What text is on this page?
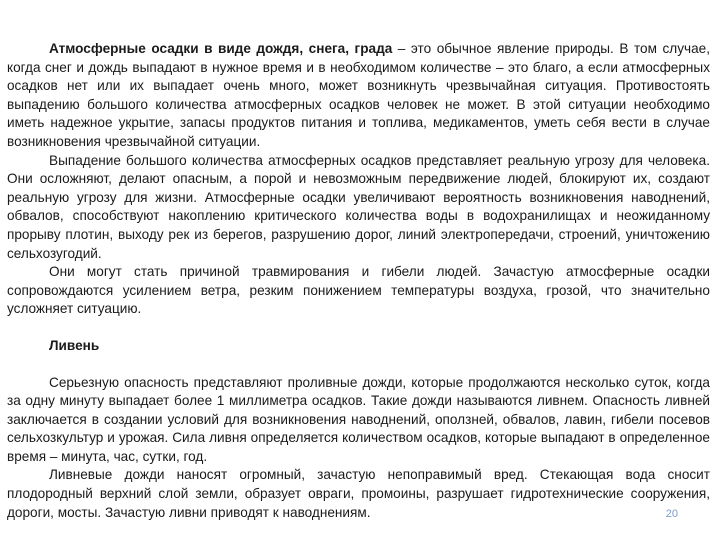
Атмосферные осадки в виде дождя, снега, града – это обычное явление природы. В том случае, когда снег и дождь выпадают в нужное время и в необходимом количестве – это благо, а если атмосферных осадков нет или их выпадает очень много, может возникнуть чрезвычайная ситуация. Противостоять выпадению большого количества атмосферных осадков человек не может. В этой ситуации необходимо иметь надежное укрытие, запасы продуктов питания и топлива, медикаментов, уметь себя вести в случае возникновения чрезвычайной ситуации.

Выпадение большого количества атмосферных осадков представляет реальную угрозу для человека. Они осложняют, делают опасным, а порой и невозможным передвижение людей, блокируют их, создают реальную угрозу для жизни. Атмосферные осадки увеличивают вероятность возникновения наводнений, обвалов, способствуют накоплению критического количества воды в водохранилищах и неожиданному прорыву плотин, выходу рек из берегов, разрушению дорог, линий электропередачи, строений, уничтожению сельхозугодий.

Они могут стать причиной травмирования и гибели людей. Зачастую атмосферные осадки сопровождаются усилением ветра, резким понижением температуры воздуха, грозой, что значительно усложняет ситуацию.

Ливень

Серьезную опасность представляют проливные дожди, которые продолжаются несколько суток, когда за одну минуту выпадает более 1 миллиметра осадков. Такие дожди называются ливнем. Опасность ливней заключается в создании условий для возникновения наводнений, оползней, обвалов, лавин, гибели посевов сельхозкультур и урожая. Сила ливня определяется количеством осадков, которые выпадают в определенное время – минута, час, сутки, год.

Ливневые дожди наносят огромный, зачастую непоправимый вред. Стекающая вода сносит плодородный верхний слой земли, образует овраги, промоины, разрушает гидротехнические сооружения, дороги, мосты. Зачастую ливни приводят к наводнениям.	20
